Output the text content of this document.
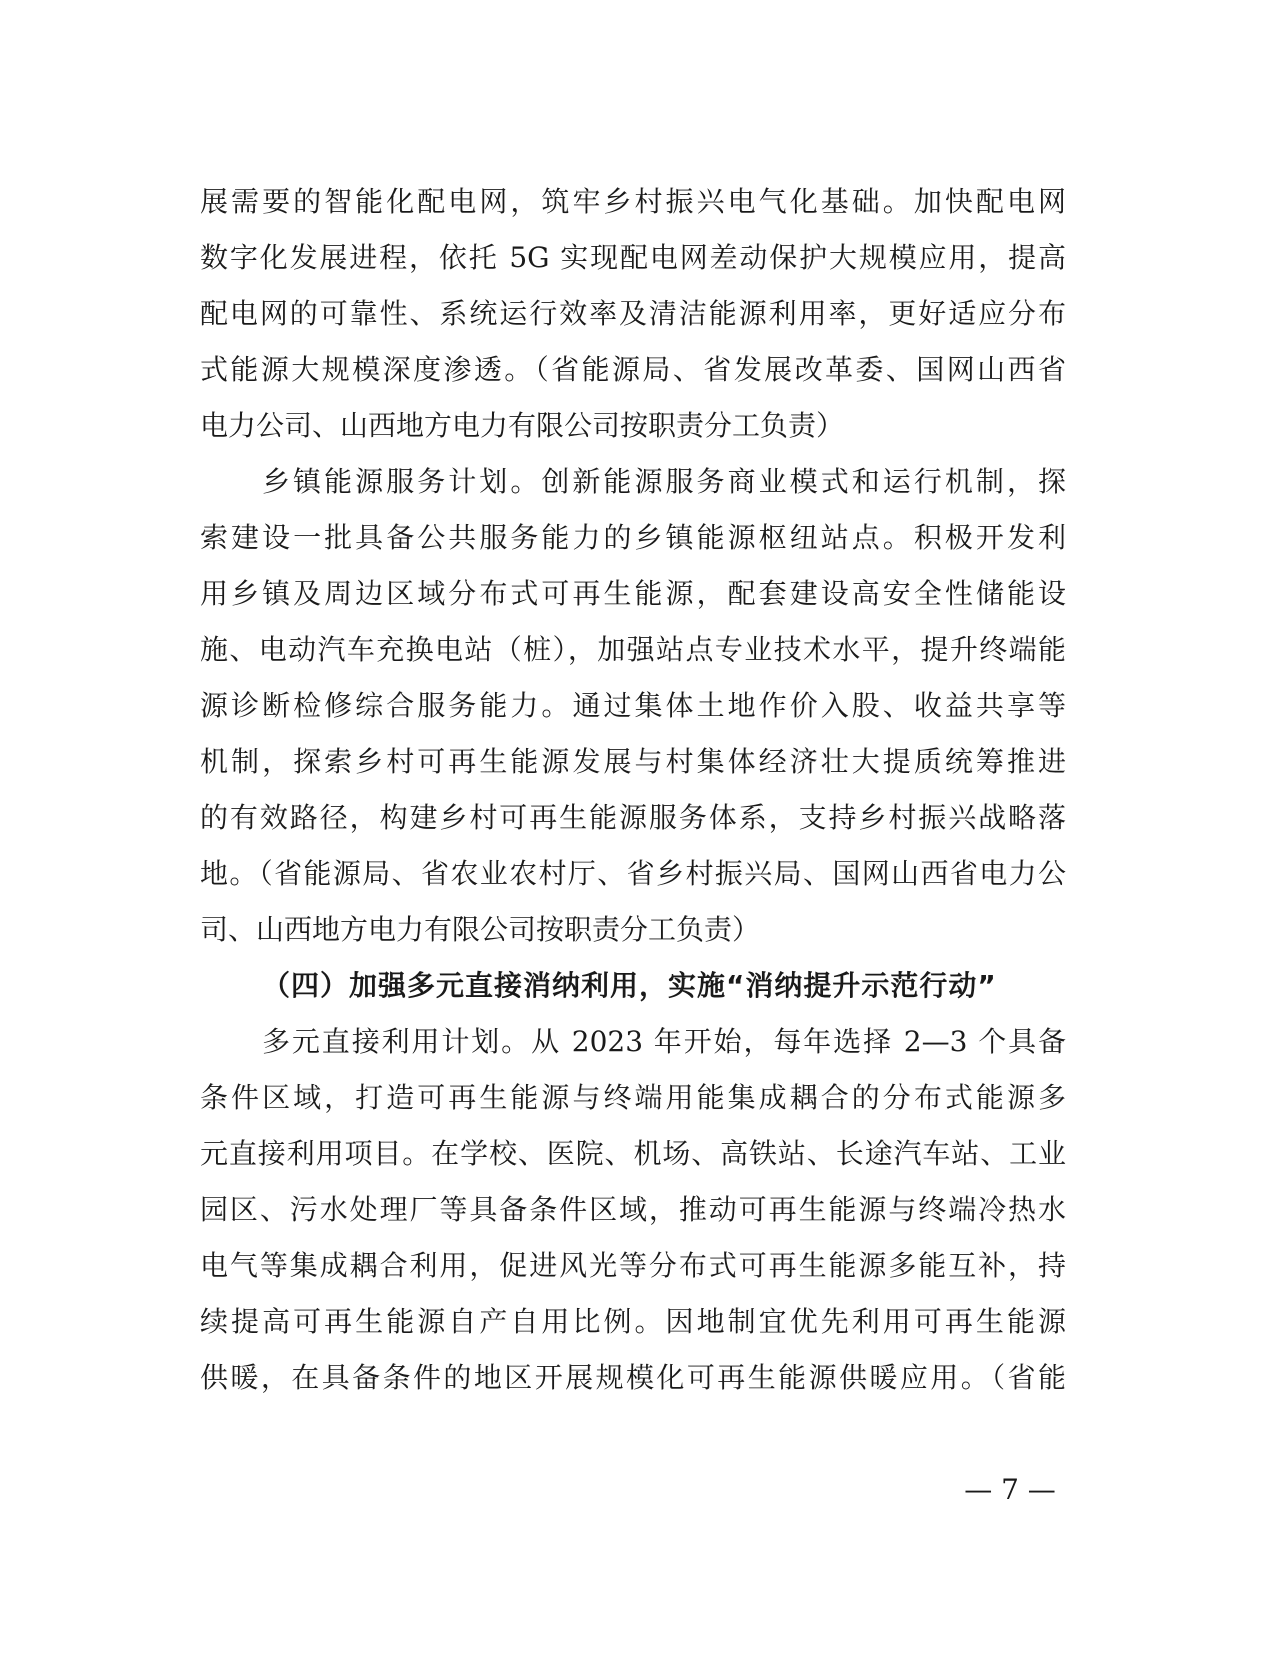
展需要的智能化配电网，筑牢乡村振兴电气化基础。加快配电网
数字化发展进程，依托 5G 实现配电网差动保护大规模应用，提高
配电网的可靠性、系统运行效率及清洁能源利用率，更好适应分布
式能源大规模深度渗透。（省能源局、省发展改革委、国网山西省
电力公司、山西地方电力有限公司按职责分工负责）
乡镇能源服务计划。创新能源服务商业模式和运行机制，探
索建设一批具备公共服务能力的乡镇能源枢纽站点。积极开发利
用乡镇及周边区域分布式可再生能源，配套建设高安全性储能设
施、电动汽车充换电站（桩），加强站点专业技术水平，提升终端能
源诊断检修综合服务能力。通过集体土地作价入股、收益共享等
机制，探索乡村可再生能源发展与村集体经济壮大提质统筹推进
的有效路径，构建乡村可再生能源服务体系，支持乡村振兴战略落
地。（省能源局、省农业农村厅、省乡村振兴局、国网山西省电力公
司、山西地方电力有限公司按职责分工负责）
（四）加强多元直接消纳利用，实施“消纳提升示范行动”
多元直接利用计划。从 2023 年开始，每年选择 2—3 个具备
条件区域，打造可再生能源与终端用能集成耦合的分布式能源多
元直接利用项目。在学校、医院、机场、高铁站、长途汽车站、工业
园区、污水处理厂等具备条件区域，推动可再生能源与终端冷热水
电气等集成耦合利用，促进风光等分布式可再生能源多能互补，持
续提高可再生能源自产自用比例。因地制宜优先利用可再生能源
供暖，在具备条件的地区开展规模化可再生能源供暖应用。（省能
— 7 —
